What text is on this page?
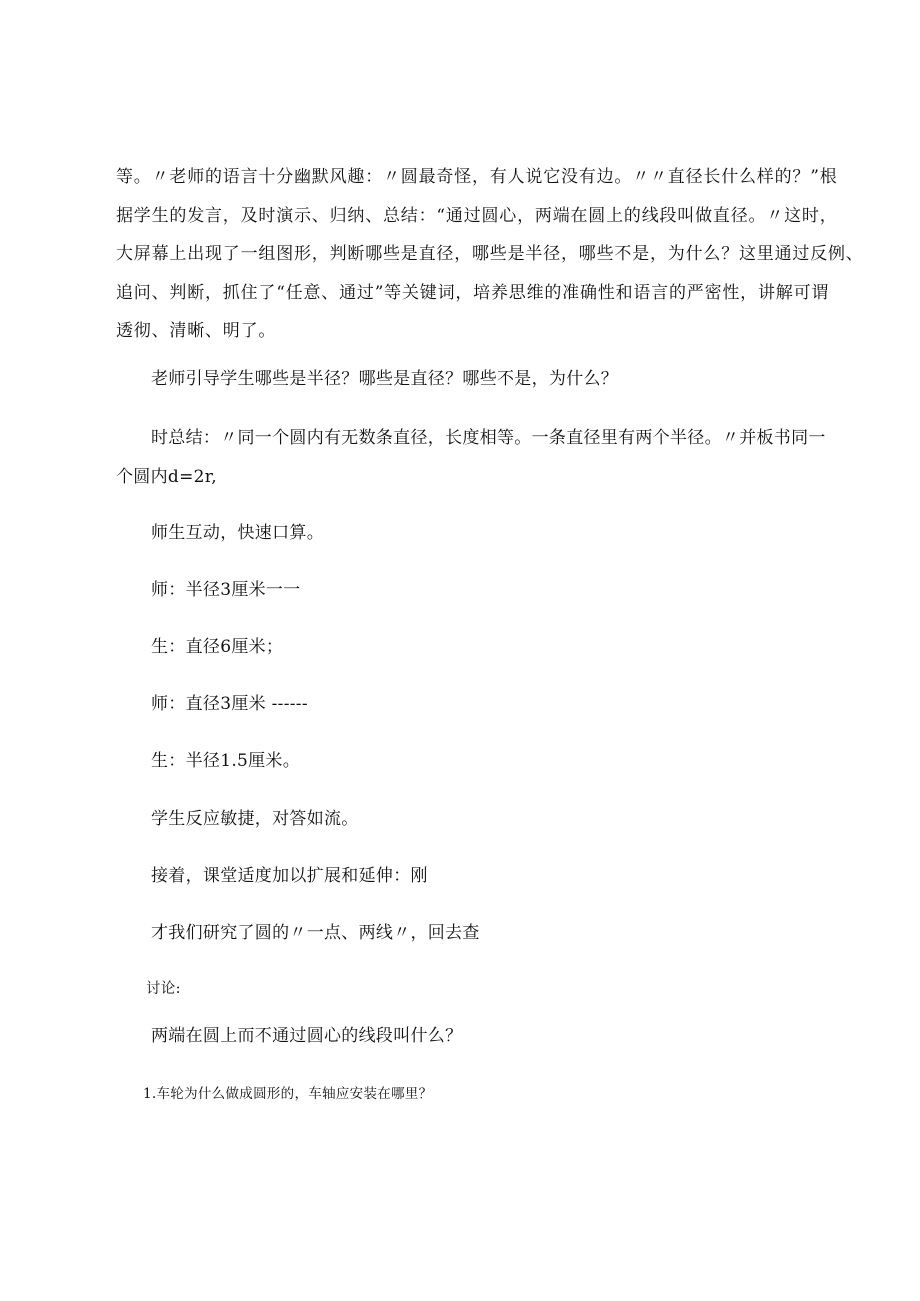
等。〃老师的语言十分幽默风趣：〃圆最奇怪，有人说它没有边。〃〃直径长什么样的？”根
据学生的发言，及时演示、归纳、总结：“通过圆心，两端在圆上的线段叫做直径。〃这时，
大屏幕上出现了一组图形，判断哪些是直径，哪些是半径，哪些不是，为什么？这里通过反例、
追问、判断，抓住了“任意、通过”等关键词，培养思维的准确性和语言的严密性，讲解可谓
透彻、清晰、明了。

老师引导学生哪些是半径？哪些是直径？哪些不是，为什么？

时总结：〃同一个圆内有无数条直径，长度相等。一条直径里有两个半径。〃并板书同一

个圆内d=2r,

师生互动，快速口算。

师：半径3厘米一一

生：直径6厘米；

师：直径3厘米 ------

生：半径1.5厘米。

学生反应敏捷，对答如流。

接着，课堂适度加以扩展和延伸：刚

才我们研究了圆的〃一点、两线〃，回去查

讨论:

两端在圆上而不通过圆心的线段叫什么？

1.车轮为什么做成圆形的，车轴应安装在哪里？
